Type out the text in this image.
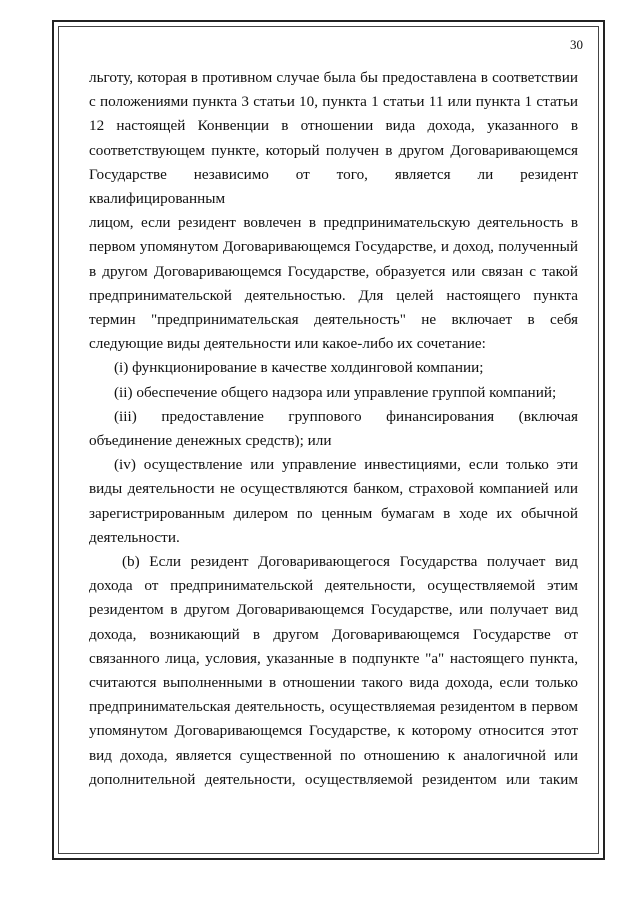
30

льготу, которая в противном случае была бы предоставлена в соответствии

с положениями пункта 3 статьи 10, пункта 1 статьи 11 или пункта 1 статьи

12 настоящей Конвенции в отношении вида дохода, указанного в

соответствующем пункте, который получен в другом Договаривающемся

Государстве независимо от того, является ли резидент квалифицированным

лицом, если резидент вовлечен в предпринимательскую деятельность в

первом упомянутом Договаривающемся Государстве, и доход, полученный

в другом Договаривающемся Государстве, образуется или связан с такой

предпринимательской деятельностью. Для целей настоящего пункта

термин "предпринимательская деятельность" не включает в себя

следующие виды деятельности или какое-либо их сочетание:

(i) функционирование в качестве холдинговой компании;

(ii) обеспечение общего надзора или управление группой компаний;

(iii) предоставление группового финансирования (включая

объединение денежных средств); или

(iv) осуществление или управление инвестициями, если только эти

виды деятельности не осуществляются банком, страховой компанией или

зарегистрированным дилером по ценным бумагам в ходе их обычной

деятельности.

(b) Если резидент Договаривающегося Государства получает вид

дохода от предпринимательской деятельности, осуществляемой этим

резидентом в другом Договаривающемся Государстве, или получает вид

дохода, возникающий в другом Договаривающемся Государстве от

связанного лица, условия, указанные в подпункте "а" настоящего пункта,

считаются выполненными в отношении такого вида дохода, если только

предпринимательская деятельность, осуществляемая резидентом в первом

упомянутом Договаривающемся Государстве, к которому относится этот

вид дохода, является существенной по отношению к аналогичной или

дополнительной деятельности, осуществляемой резидентом или таким
